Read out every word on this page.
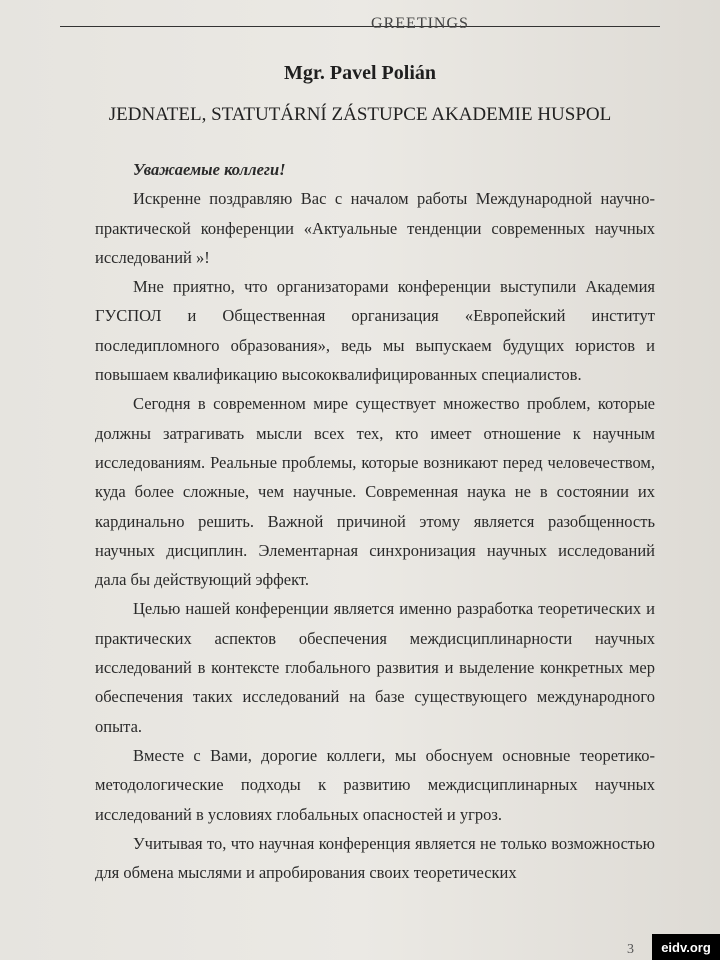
GREETINGS
Mgr. Pavel Polián
JEDNATEL, STATUTÁRNÍ ZÁSTUPCE AKADEMIE HUSPOL

Уважаемые коллеги!

Искренне поздравляю Вас с началом работы Международной научно-практической конференции «Актуальные тенденции современных научных исследований »!

Мне приятно, что организаторами конференции выступили Академия ГУСПОЛ и Общественная организация «Европейский институт последипломного образования», ведь мы выпускаем будущих юристов и повышаем квалификацию высококвалифицированных специалистов.

Сегодня в современном мире существует множество проблем, которые должны затрагивать мысли всех тех, кто имеет отношение к научным исследованиям. Реальные проблемы, которые возникают перед человечеством, куда более сложные, чем научные. Современная наука не в состоянии их кардинально решить. Важной причиной этому является разобщенность научных дисциплин. Элементарная синхронизация научных исследований дала бы действующий эффект.

Целью нашей конференции является именно разработка теоретических и практических аспектов обеспечения междисциплинарности научных исследований в контексте глобального развития и выделение конкретных мер обеспечения таких исследований на базе существующего международного опыта.

Вместе с Вами, дорогие коллеги, мы обоснуем основные теоретико-методологические подходы к развитию междисциплинарных научных исследований в условиях глобальных опасностей и угроз.

Учитывая то, что научная конференция является не только возможностью для обмена мыслями и апробирования своих теоретических

3	eidv.org
